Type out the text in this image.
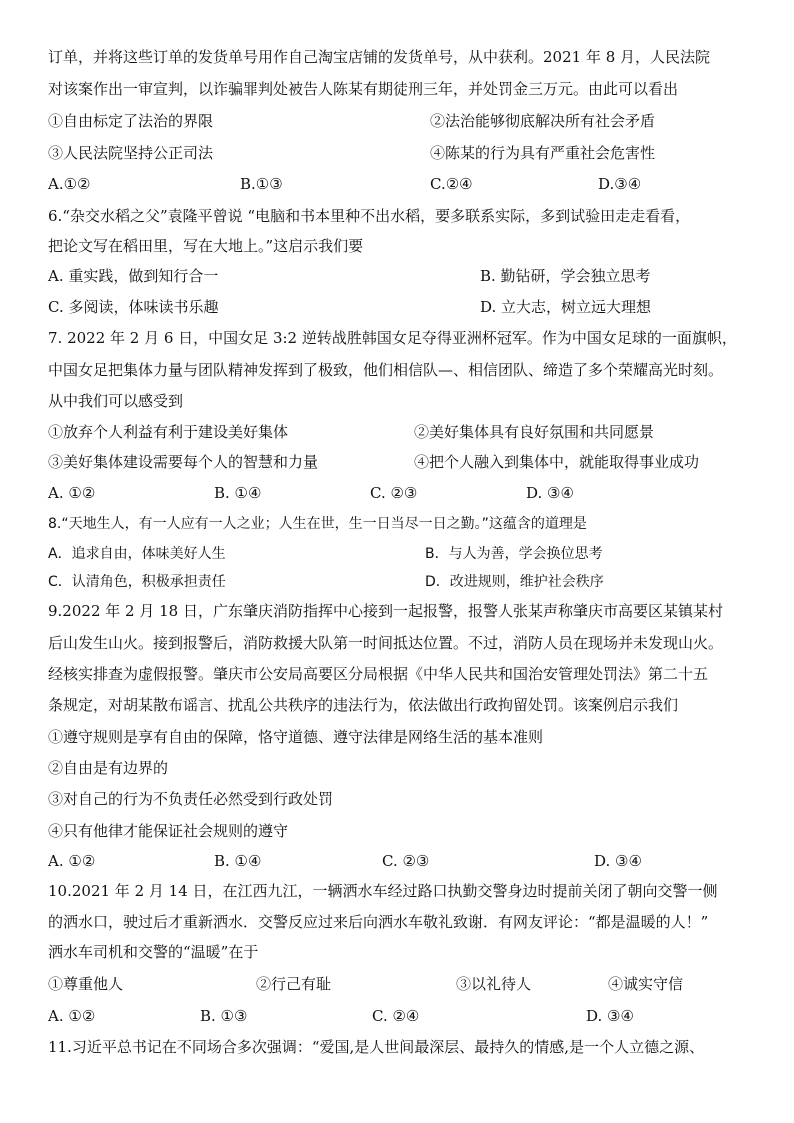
订单，并将这些订单的发货单号用作自己淘宝店铺的发货单号，从中获利。2021 年 8 月，人民法院
对该案作出一审宣判，以诈骗罪判处被告人陈某有期徒刑三年，并处罚金三万元。由此可以看出
①自由标定了法治的界限	②法治能够彻底解决所有社会矛盾
③人民法院坚持公正司法	④陈某的行为具有严重社会危害性
A.①②	B.①③	C.②④	D.③④
6.“杂交水稻之父”袁隆平曾说 “电脑和书本里种不出水稻，要多联系实际，多到试验田走走看看，
把论文写在稻田里，写在大地上。”这启示我们要
A. 重实践，做到知行合一	B. 勤钻研，学会独立思考
C. 多阅读，体味读书乐趣	D. 立大志，树立远大理想
7. 2022 年 2 月 6 日，中国女足 3:2 逆转战胜韩国女足夺得亚洲杯冠军。作为中国女足球的一面旗帜，
中国女足把集体力量与团队精神发挥到了极致，他们相信队—、相信团队、缔造了多个荣耀高光时刻。
从中我们可以感受到
①放弃个人利益有利于建设美好集体	②美好集体具有良好氛围和共同愿景
③美好集体建设需要每个人的智慧和力量	④把个人融入到集体中，就能取得事业成功
A. ①②	B. ①④	C. ②③	D. ③④
8.“天地生人，有一人应有一人之业；人生在世，生一日当尽一日之勤。”这蕴含的道理是
A．追求自由，体味美好人生	B．与人为善，学会换位思考
C．认清角色，积极承担责任	D．改进规则，维护社会秩序
9.2022 年 2 月 18 日，广东肇庆消防指挥中心接到一起报警，报警人张某声称肇庆市高要区某镇某村
后山发生山火。接到报警后，消防救援大队第一时间抵达位置。不过，消防人员在现场并未发现山火。
经核实排查为虚假报警。肇庆市公安局高要区分局根据《中华人民共和国治安管理处罚法》第二十五
条规定，对胡某散布谣言、扰乱公共秩序的违法行为，依法做出行政拘留处罚。该案例启示我们
①遵守规则是享有自由的保障，恪守道德、遵守法律是网络生活的基本准则
②自由是有边界的
③对自己的行为不负责任必然受到行政处罚
④只有他律才能保证社会规则的遵守
A. ①②	B. ①④	C. ②③	D. ③④
10.2021 年 2 月 14 日，在江西九江，一辆洒水车经过路口执勤交警身边时提前关闭了朝向交警一侧
的洒水口，驶过后才重新洒水．交警反应过来后向洒水车敬礼致谢．有网友评论：“都是温暖的人！”
洒水车司机和交警的“温暖”在于
①尊重他人	②行己有耻	③以礼待人	④诚实守信
A. ①②	B. ①③	C. ②④	D. ③④
11.习近平总书记在不同场合多次强调：“爱国,是人世间最深层、最持久的情感,是一个人立德之源、
